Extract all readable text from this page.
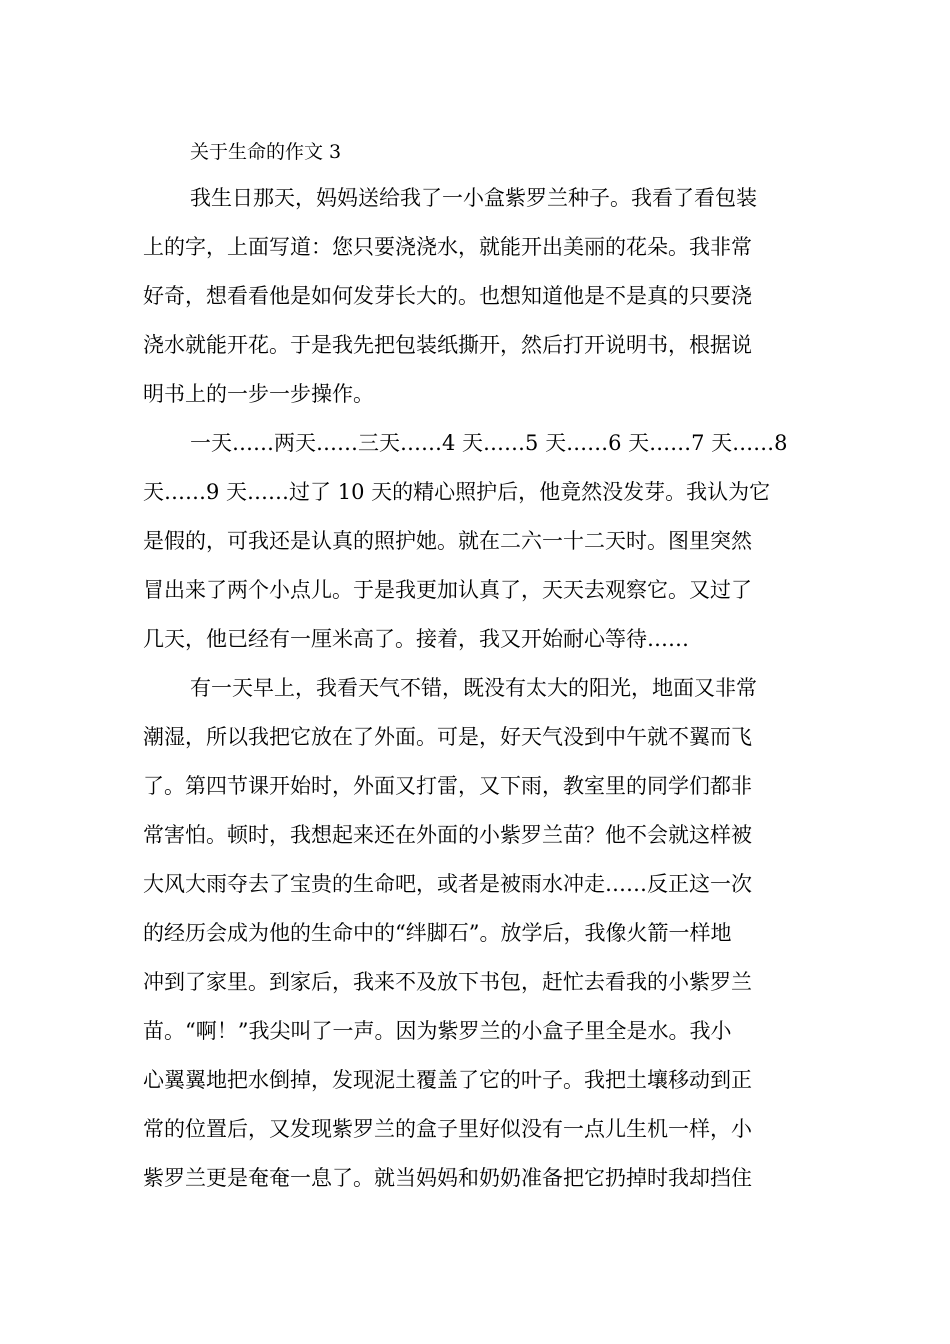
关于生命的作文 3

我生日那天，妈妈送给我了一小盒紫罗兰种子。我看了看包装
上的字，上面写道：您只要浇浇水，就能开出美丽的花朵。我非常
好奇，想看看他是如何发芽长大的。也想知道他是不是真的只要浇
浇水就能开花。于是我先把包装纸撕开，然后打开说明书，根据说
明书上的一步一步操作。

一天……两天……三天……4 天……5 天……6 天……7 天……8
天……9 天……过了 10 天的精心照护后，他竟然没发芽。我认为它
是假的，可我还是认真的照护她。就在二六一十二天时。图里突然
冒出来了两个小点儿。于是我更加认真了，天天去观察它。又过了
几天，他已经有一厘米高了。接着，我又开始耐心等待……

有一天早上，我看天气不错，既没有太大的阳光，地面又非常
潮湿，所以我把它放在了外面。可是，好天气没到中午就不翼而飞
了。第四节课开始时，外面又打雷，又下雨，教室里的同学们都非
常害怕。顿时，我想起来还在外面的小紫罗兰苗？他不会就这样被
大风大雨夺去了宝贵的生命吧，或者是被雨水冲走……反正这一次
的经历会成为他的生命中的“绊脚石”。放学后，我像火箭一样地
冲到了家里。到家后，我来不及放下书包，赶忙去看我的小紫罗兰
苗。“啊！”我尖叫了一声。因为紫罗兰的小盒子里全是水。我小
心翼翼地把水倒掉，发现泥土覆盖了它的叶子。我把土壤移动到正
常的位置后，又发现紫罗兰的盒子里好似没有一点儿生机一样，小
紫罗兰更是奄奄一息了。就当妈妈和奶奶准备把它扔掉时我却挡住
